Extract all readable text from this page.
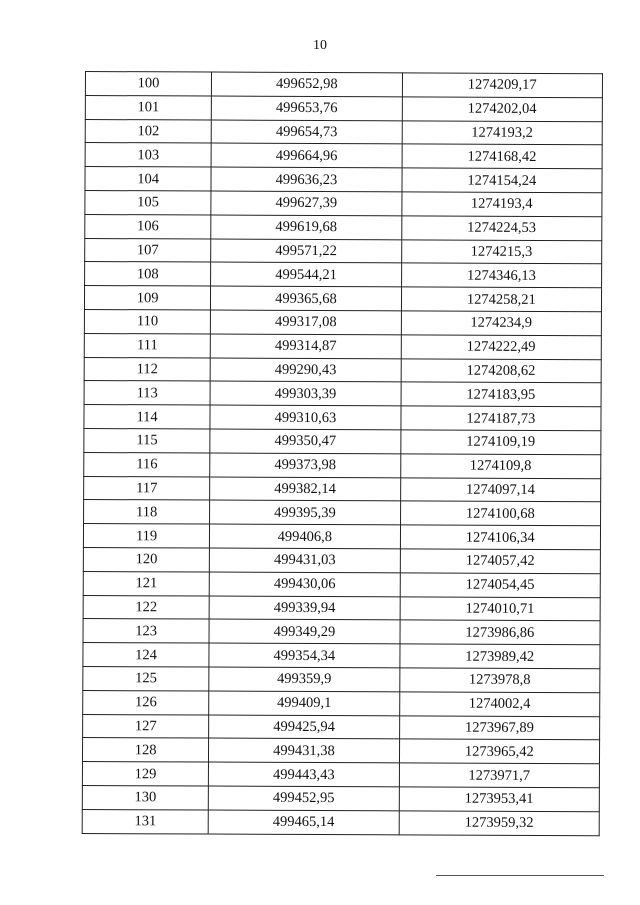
10
100	499652,98	1274209,17
101	499653,76	1274202,04
102	499654,73	1274193,2
103	499664,96	1274168,42
104	499636,23	1274154,24
105	499627,39	1274193,4
106	499619,68	1274224,53
107	499571,22	1274215,3
108	499544,21	1274346,13
109	499365,68	1274258,21
110	499317,08	1274234,9
111	499314,87	1274222,49
112	499290,43	1274208,62
113	499303,39	1274183,95
114	499310,63	1274187,73
115	499350,47	1274109,19
116	499373,98	1274109,8
117	499382,14	1274097,14
118	499395,39	1274100,68
119	499406,8	1274106,34
120	499431,03	1274057,42
121	499430,06	1274054,45
122	499339,94	1274010,71
123	499349,29	1273986,86
124	499354,34	1273989,42
125	499359,9	1273978,8
126	499409,1	1274002,4
127	499425,94	1273967,89
128	499431,38	1273965,42
129	499443,43	1273971,7
130	499452,95	1273953,41
131	499465,14	1273959,32
